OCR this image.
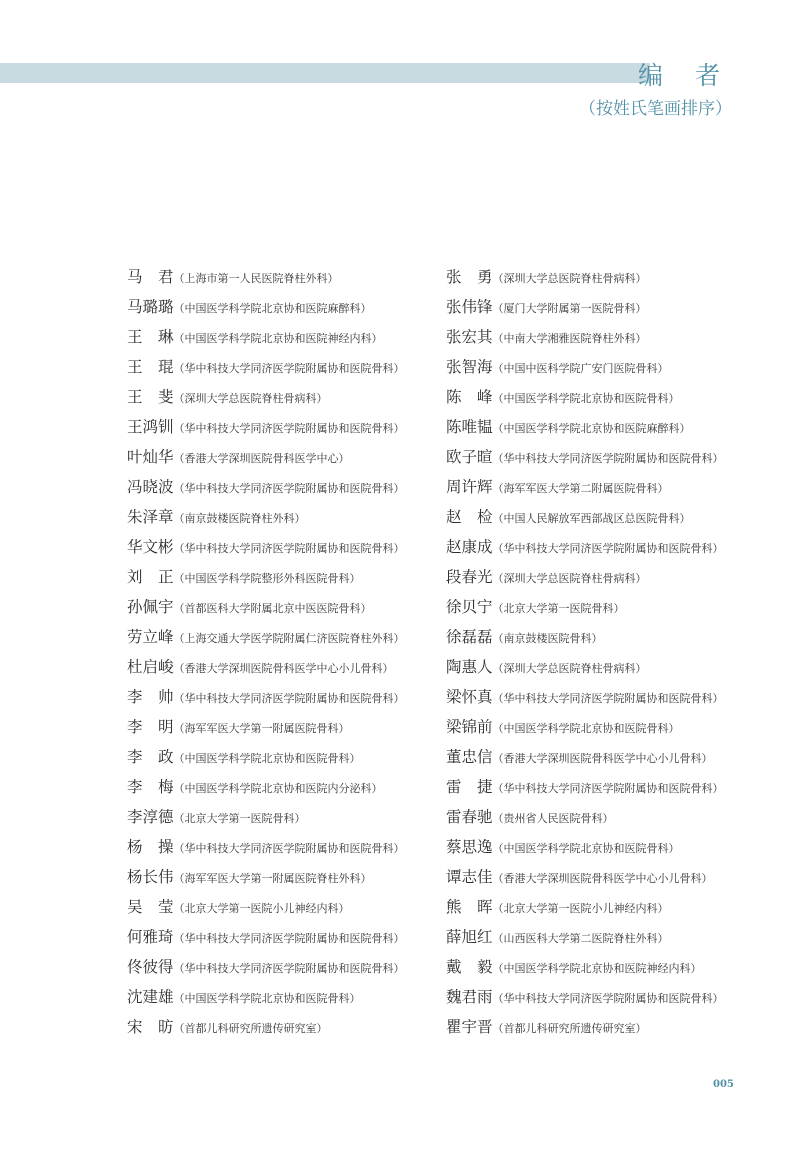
编 者
（按姓氏笔画排序）
马　君（上海市第一人民医院脊柱外科）
马璐璐（中国医学科学院北京协和医院麻醉科）
王　琳（中国医学科学院北京协和医院神经内科）
王　琨（华中科技大学同济医学院附属协和医院骨科）
王　斐（深圳大学总医院脊柱骨病科）
王鸿钏（华中科技大学同济医学院附属协和医院骨科）
叶灿华（香港大学深圳医院骨科医学中心）
冯晓波（华中科技大学同济医学院附属协和医院骨科）
朱泽章（南京鼓楼医院脊柱外科）
华文彬（华中科技大学同济医学院附属协和医院骨科）
刘　正（中国医学科学院整形外科医院骨科）
孙佩宇（首都医科大学附属北京中医医院骨科）
劳立峰（上海交通大学医学院附属仁济医院脊柱外科）
杜启峻（香港大学深圳医院骨科医学中心小儿骨科）
李　帅（华中科技大学同济医学院附属协和医院骨科）
李　明（海军军医大学第一附属医院骨科）
李　政（中国医学科学院北京协和医院骨科）
李　梅（中国医学科学院北京协和医院内分泌科）
李淳德（北京大学第一医院骨科）
杨　操（华中科技大学同济医学院附属协和医院骨科）
杨长伟（海军军医大学第一附属医院脊柱外科）
吴　莹（北京大学第一医院小儿神经内科）
何雅琦（华中科技大学同济医学院附属协和医院骨科）
佟彼得（华中科技大学同济医学院附属协和医院骨科）
沈建雄（中国医学科学院北京协和医院骨科）
宋　昉（首都儿科研究所遗传研究室）
张　勇（深圳大学总医院脊柱骨病科）
张伟锋（厦门大学附属第一医院骨科）
张宏其（中南大学湘雅医院脊柱外科）
张智海（中国中医科学院广安门医院骨科）
陈　峰（中国医学科学院北京协和医院骨科）
陈唯韫（中国医学科学院北京协和医院麻醉科）
欧子暄（华中科技大学同济医学院附属协和医院骨科）
周许辉（海军军医大学第二附属医院骨科）
赵　检（中国人民解放军西部战区总医院骨科）
赵康成（华中科技大学同济医学院附属协和医院骨科）
段春光（深圳大学总医院脊柱骨病科）
徐贝宁（北京大学第一医院骨科）
徐磊磊（南京鼓楼医院骨科）
陶惠人（深圳大学总医院脊柱骨病科）
梁怀真（华中科技大学同济医学院附属协和医院骨科）
梁锦前（中国医学科学院北京协和医院骨科）
董忠信（香港大学深圳医院骨科医学中心小儿骨科）
雷　捷（华中科技大学同济医学院附属协和医院骨科）
雷春驰（贵州省人民医院骨科）
蔡思逸（中国医学科学院北京协和医院骨科）
谭志佳（香港大学深圳医院骨科医学中心小儿骨科）
熊　晖（北京大学第一医院小儿神经内科）
薛旭红（山西医科大学第二医院脊柱外科）
戴　毅（中国医学科学院北京协和医院神经内科）
魏君雨（华中科技大学同济医学院附属协和医院骨科）
瞿宇晋（首都儿科研究所遗传研究室）
005
